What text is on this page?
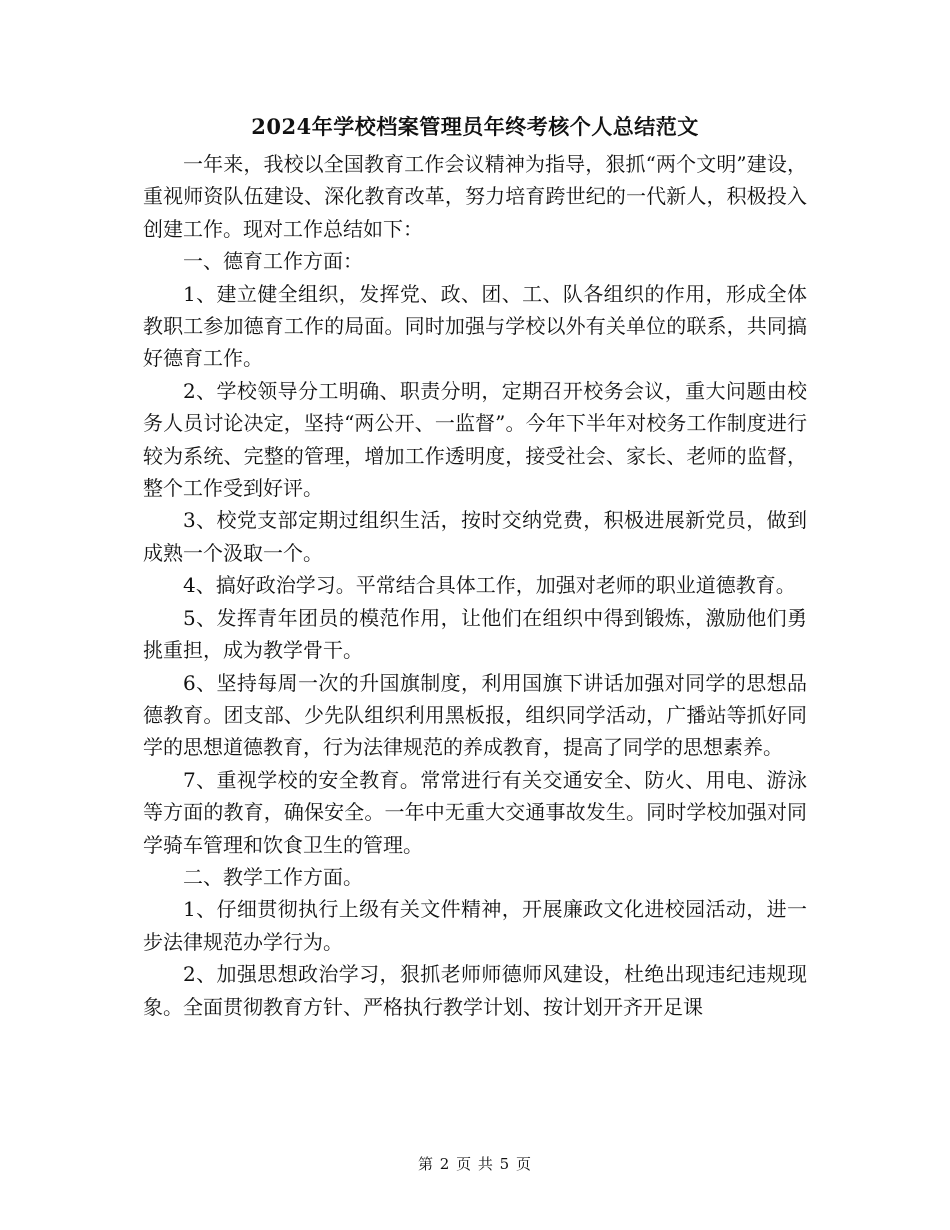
2024年学校档案管理员年终考核个人总结范文

一年来，我校以全国教育工作会议精神为指导，狠抓“两个文明”建设，重视师资队伍建设、深化教育改革，努力培育跨世纪的一代新人，积极投入创建工作。现对工作总结如下：

一、德育工作方面：

1、建立健全组织，发挥党、政、团、工、队各组织的作用，形成全体教职工参加德育工作的局面。同时加强与学校以外有关单位的联系，共同搞好德育工作。

2、学校领导分工明确、职责分明，定期召开校务会议，重大问题由校务人员讨论决定，坚持“两公开、一监督”。今年下半年对校务工作制度进行较为系统、完整的管理，增加工作透明度，接受社会、家长、老师的监督，整个工作受到好评。

3、校党支部定期过组织生活，按时交纳党费，积极进展新党员，做到成熟一个汲取一个。

4、搞好政治学习。平常结合具体工作，加强对老师的职业道德教育。

5、发挥青年团员的模范作用，让他们在组织中得到锻炼，激励他们勇挑重担，成为教学骨干。

6、坚持每周一次的升国旗制度，利用国旗下讲话加强对同学的思想品德教育。团支部、少先队组织利用黑板报，组织同学活动，广播站等抓好同学的思想道德教育，行为法律规范的养成教育，提高了同学的思想素养。

7、重视学校的安全教育。常常进行有关交通安全、防火、用电、游泳等方面的教育，确保安全。一年中无重大交通事故发生。同时学校加强对同学骑车管理和饮食卫生的管理。

二、教学工作方面。

1、仔细贯彻执行上级有关文件精神，开展廉政文化进校园活动，进一步法律规范办学行为。

2、加强思想政治学习，狠抓老师师德师风建设，杜绝出现违纪违规现象。全面贯彻教育方针、严格执行教学计划、按计划开齐开足课

第 2 页 共 5 页
